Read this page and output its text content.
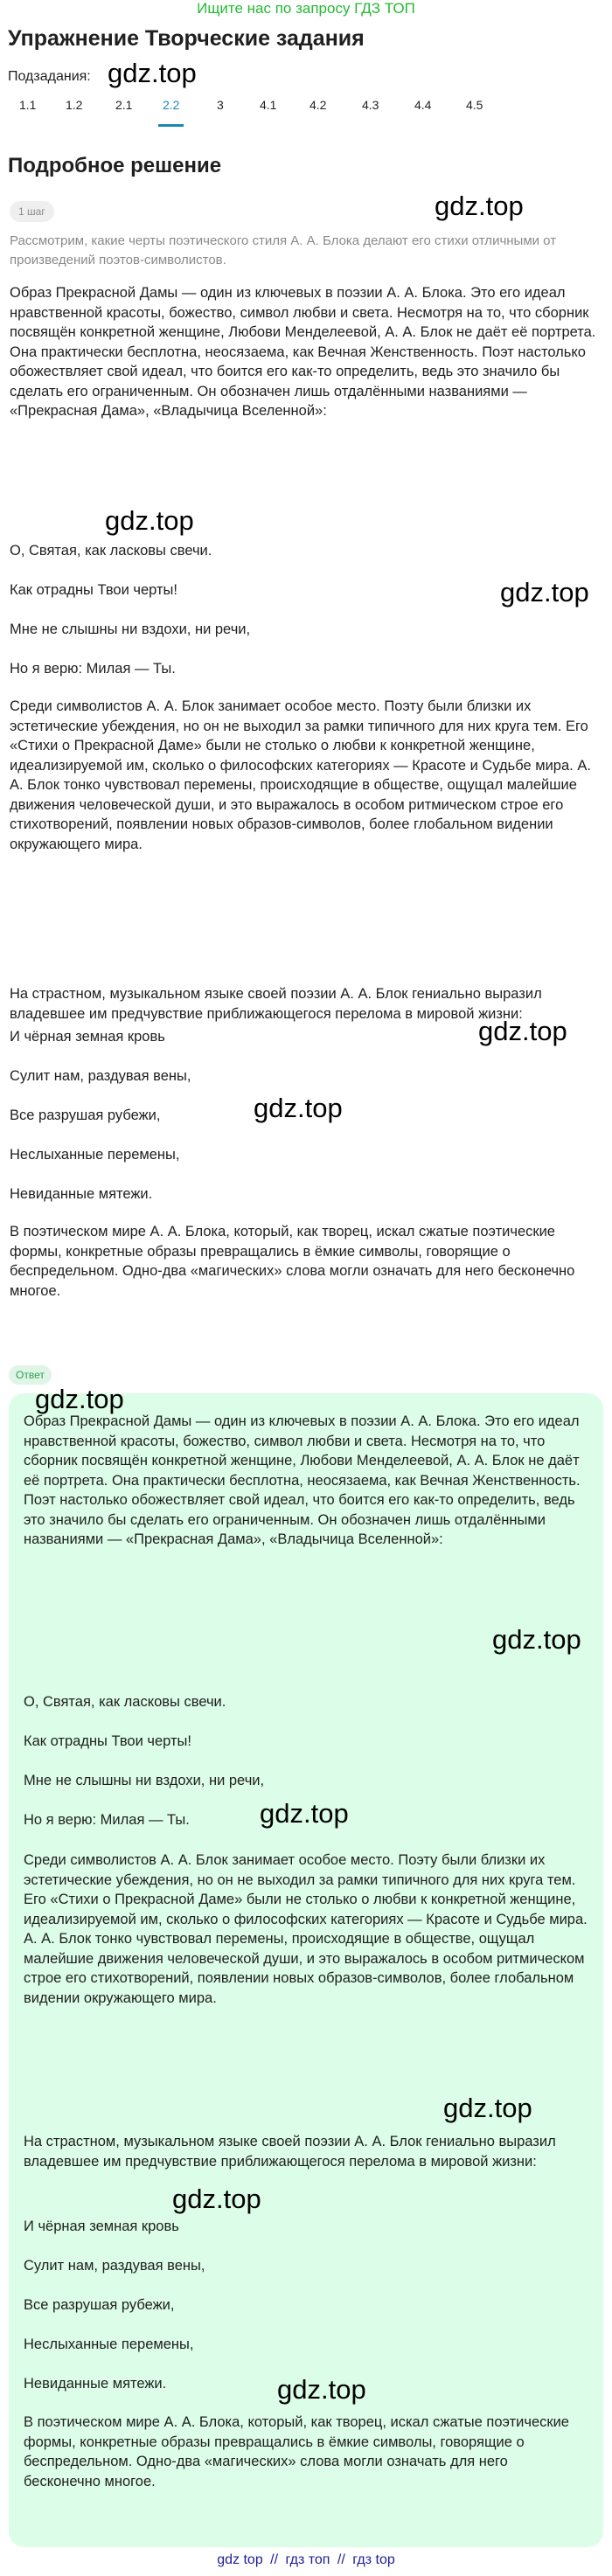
Ищите нас по запросу ГДЗ ТОП
Упражнение Творческие задания
Подзадания:
1.1 1.2	2.1	2.2	3	4.1	4.2	4.3	4.4	4.5
Подробное решение
1 шаг
Рассмотрим, какие черты поэтического стиля А. А. Блока делают его стихи отличными от произведений поэтов-символистов.

Образ Прекрасной Дамы — один из ключевых в поэзии А. А. Блока. Это его идеал нравственной красоты, божество, символ любви и света. Несмотря на то, что сборник посвящён конкретной женщине, Любови Менделеевой, А. А. Блок не даёт её портрета. Она практически бесплотна, неосязаема, как Вечная Женственность. Поэт настолько обожествляет свой идеал, что боится его как-то определить, ведь это значило бы сделать его ограниченным. Он обозначен лишь отдалёнными названиями — «Прекрасная Дама», «Владычица Вселенной»:

О, Святая, как ласковы свечи.

Как отрадны Твои черты!

Мне не слышны ни вздохи, ни речи,

Но я верю: Милая — Ты.

Среди символистов А. А. Блок занимает особое место. Поэту были близки их эстетические убеждения, но он не выходил за рамки типичного для них круга тем. Его «Стихи о Прекрасной Даме» были не столько о любви к конкретной женщине, идеализируемой им, сколько о философских категориях — Красоте и Судьбе мира. А. А. Блок тонко чувствовал перемены, происходящие в обществе, ощущал малейшие движения человеческой души, и это выражалось в особом ритмическом строе его стихотворений, появлении новых образов-символов, более глобальном видении окружающего мира.

На страстном, музыкальном языке своей поэзии А. А. Блок гениально выразил владевшее им предчувствие приближающегося перелома в мировой жизни:

И чёрная земная кровь

Сулит нам, раздувая вены,

Все разрушая рубежи,

Неслыханные перемены,

Невиданные мятежи.

В поэтическом мире А. А. Блока, который, как творец, искал сжатые поэтические формы, конкретные образы превращались в ёмкие символы, говорящие о беспредельном. Одно-два «магических» слова могли означать для него бесконечно многое.

Ответ

Образ Прекрасной Дамы — один из ключевых в поэзии А. А. Блока. Это его идеал нравственной красоты, божество, символ любви и света. Несмотря на то, что сборник посвящён конкретной женщине, Любови Менделеевой, А. А. Блок не даёт её портрета. Она практически бесплотна, неосязаема, как Вечная Женственность. Поэт настолько обожествляет свой идеал, что боится его как-то определить, ведь это значило бы сделать его ограниченным. Он обозначен лишь отдалёнными названиями — «Прекрасная Дама», «Владычица Вселенной»:

О, Святая, как ласковы свечи.

Как отрадны Твои черты!

Мне не слышны ни вздохи, ни речи,

Но я верю: Милая — Ты.

Среди символистов А. А. Блок занимает особое место. Поэту были близки их эстетические убеждения, но он не выходил за рамки типичного для них круга тем. Его «Стихи о Прекрасной Даме» были не столько о любви к конкретной женщине, идеализируемой им, сколько о философских категориях — Красоте и Судьбе мира. А. А. Блок тонко чувствовал перемены, происходящие в обществе, ощущал малейшие движения человеческой души, и это выражалось в особом ритмическом строе его стихотворений, появлении новых образов-символов, более глобальном видении окружающего мира.

На страстном, музыкальном языке своей поэзии А. А. Блок гениально выразил владевшее им предчувствие приближающегося перелома в мировой жизни:

И чёрная земная кровь

Сулит нам, раздувая вены,

Все разрушая рубежи,

Неслыханные перемены,

Невиданные мятежи.

В поэтическом мире А. А. Блока, который, как творец, искал сжатые поэтические формы, конкретные образы превращались в ёмкие символы, говорящие о беспредельном. Одно-два «магических» слова могли означать для него бесконечно многое.

gdz.top
gdz.top
gdz.top
gdz.top
gdz.top
gdz.top
gdz.top
gdz.top
gdz.top
gdz.top
gdz.top
gdz.top
gdz top // гдз топ // гдз top
